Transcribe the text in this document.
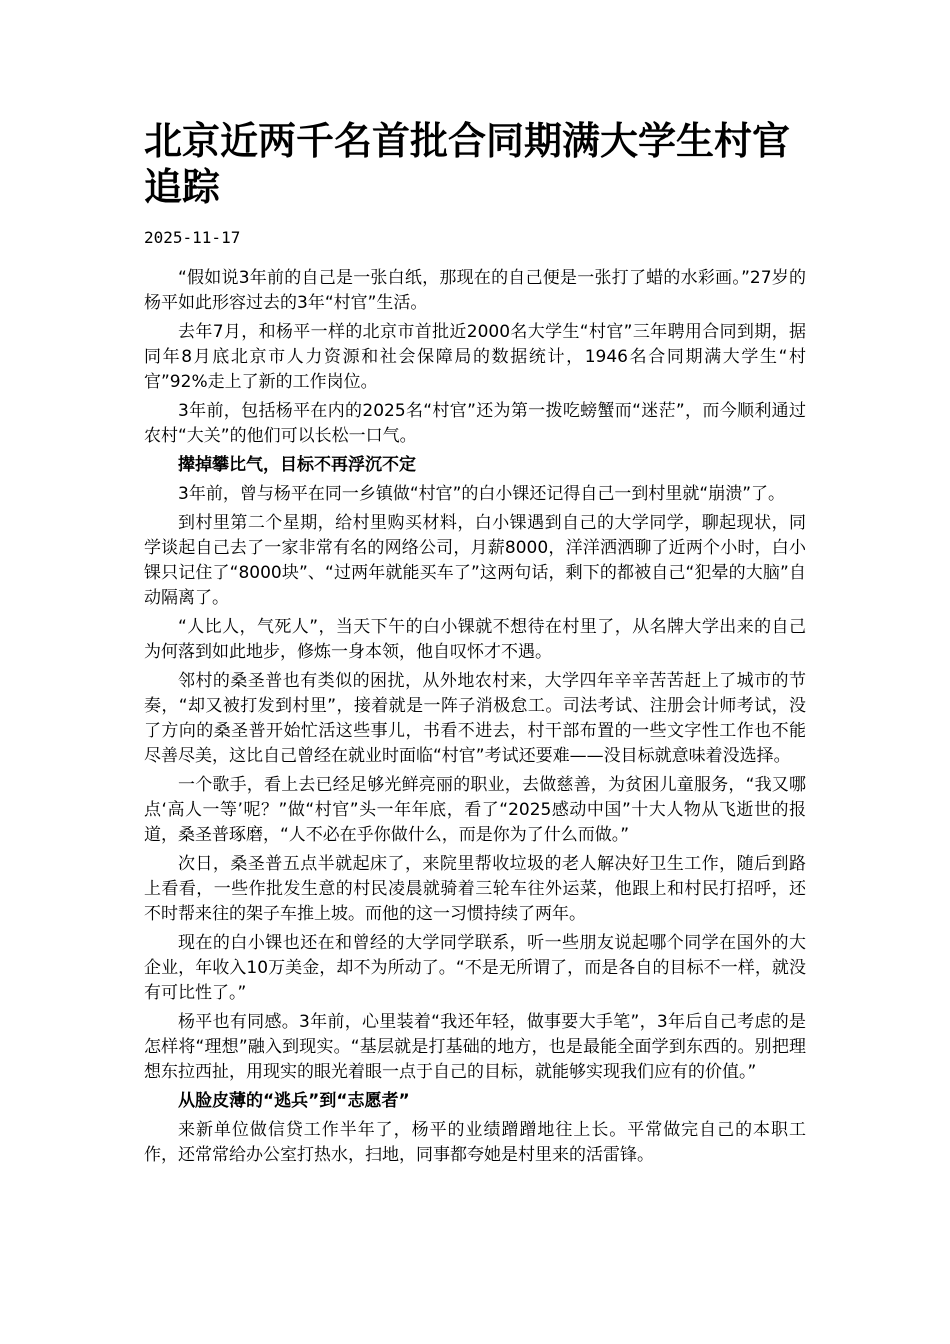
北京近两千名首批合同期满大学生村官追踪
2025-11-17

“假如说3年前的自己是一张白纸，那现在的自己便是一张打了蜡的水彩画。”27岁的杨平如此形容过去的3年“村官”生活。

去年7月，和杨平一样的北京市首批近2000名大学生“村官”三年聘用合同到期，据同年8月底北京市人力资源和社会保障局的数据统计，1946名合同期满大学生“村官”92%走上了新的工作岗位。

3年前，包括杨平在内的2025名“村官”还为第一拨吃螃蟹而“迷茫”，而今顺利通过农村“大关”的他们可以长松一口气。

撵掉攀比气，目标不再浮沉不定

3年前，曾与杨平在同一乡镇做“村官”的白小锞还记得自己一到村里就“崩溃”了。

到村里第二个星期，给村里购买材料，白小锞遇到自己的大学同学，聊起现状，同学谈起自己去了一家非常有名的网络公司，月薪8000，洋洋洒洒聊了近两个小时，白小锞只记住了“8000块”、“过两年就能买车了”这两句话，剩下的都被自己“犯晕的大脑”自动隔离了。

“人比人，气死人”，当天下午的白小锞就不想待在村里了，从名牌大学出来的自己为何落到如此地步，修炼一身本领，他自叹怀才不遇。

邻村的桑圣普也有类似的困扰，从外地农村来，大学四年辛辛苦苦赶上了城市的节奏，“却又被打发到村里”，接着就是一阵子消极怠工。司法考试、注册会计师考试，没了方向的桑圣普开始忙活这些事儿，书看不进去，村干部布置的一些文字性工作也不能尽善尽美，这比自己曾经在就业时面临“村官”考试还要难——没目标就意味着没选择。

一个歌手，看上去已经足够光鲜亮丽的职业，去做慈善，为贫困儿童服务，“我又哪点‘高人一等’呢？”做“村官”头一年年底，看了“2025感动中国”十大人物从飞逝世的报道，桑圣普琢磨，“人不必在乎你做什么，而是你为了什么而做。”

次日，桑圣普五点半就起床了，来院里帮收垃圾的老人解决好卫生工作，随后到路上看看，一些作批发生意的村民凌晨就骑着三轮车往外运菜，他跟上和村民打招呼，还不时帮来往的架子车推上坡。而他的这一习惯持续了两年。

现在的白小锞也还在和曾经的大学同学联系，听一些朋友说起哪个同学在国外的大企业，年收入10万美金，却不为所动了。“不是无所谓了，而是各自的目标不一样，就没有可比性了。”

杨平也有同感。3年前，心里装着“我还年轻，做事要大手笔”，3年后自己考虑的是怎样将“理想”融入到现实。“基层就是打基础的地方，也是最能全面学到东西的。别把理想东拉西扯，用现实的眼光着眼一点于自己的目标，就能够实现我们应有的价值。”

从脸皮薄的“逃兵”到“志愿者”

来新单位做信贷工作半年了，杨平的业绩蹭蹭地往上长。平常做完自己的本职工作，还常常给办公室打热水，扫地，同事都夸她是村里来的活雷锋。
